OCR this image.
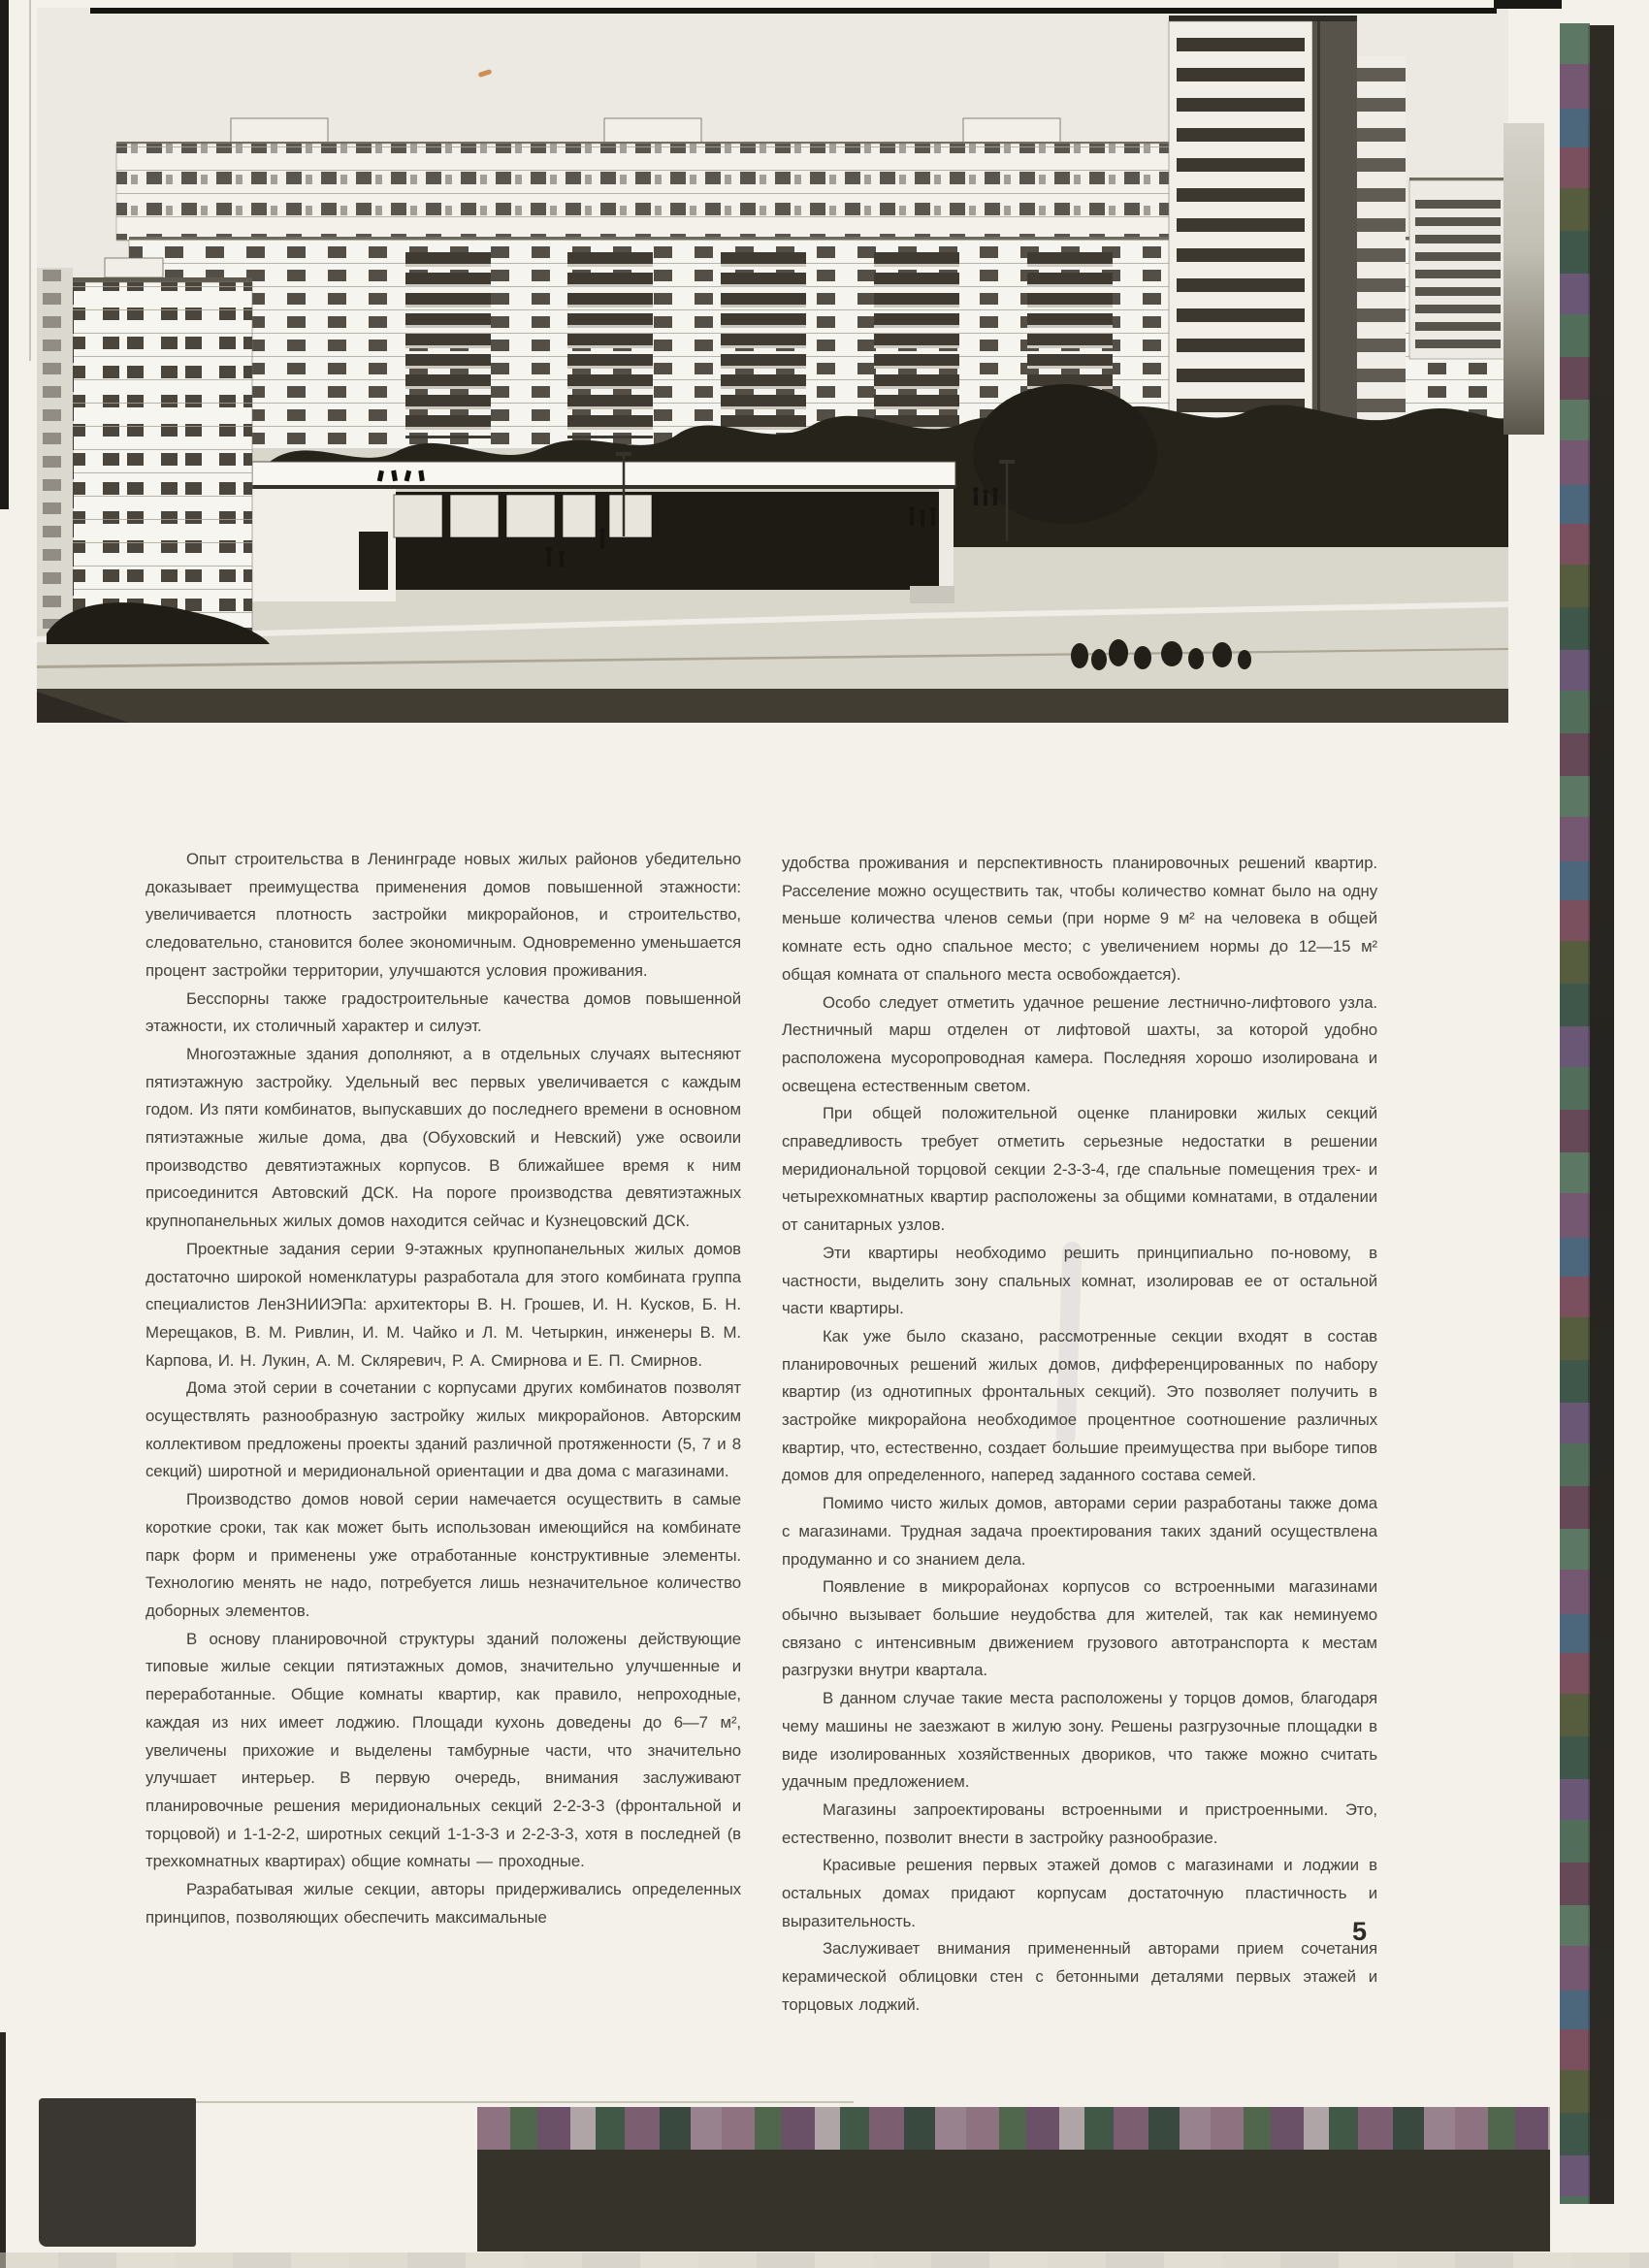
Опыт строительства в Ленинграде новых жилых районов убедительно доказывает преимущества применения домов повышенной этажности: увеличивается плотность застройки микрорайонов, и строительство, следовательно, становится более экономичным. Одновременно уменьшается процент застройки территории, улучшаются условия проживания.

Бесспорны также градостроительные качества домов повышенной этажности, их столичный характер и силуэт.

Многоэтажные здания дополняют, а в отдельных случаях вытесняют пятиэтажную застройку. Удельный вес первых увеличивается с каждым годом. Из пяти комбинатов, выпускавших до последнего времени в основном пятиэтажные жилые дома, два (Обуховский и Невский) уже освоили производство девятиэтажных корпусов. В ближайшее время к ним присоединится Автовский ДСК. На пороге производства девятиэтажных крупнопанельных жилых домов находится сейчас и Кузнецовский ДСК.

Проектные задания серии 9-этажных крупнопанельных жилых домов достаточно широкой номенклатуры разработала для этого комбината группа специалистов ЛенЗНИИЭПа: архитекторы В. Н. Грошев, И. Н. Кусков, Б. Н. Мерещаков, В. М. Ривлин, И. М. Чайко и Л. М. Четыркин, инженеры В. М. Карпова, И. Н. Лукин, А. М. Скляревич, Р. А. Смирнова и Е. П. Смирнов.

Дома этой серии в сочетании с корпусами других комбинатов позволят осуществлять разнообразную застройку жилых микрорайонов. Авторским коллективом предложены проекты зданий различной протяженности (5, 7 и 8 секций) широтной и меридиональной ориентации и два дома с магазинами.

Производство домов новой серии намечается осуществить в самые короткие сроки, так как может быть использован имеющийся на комбинате парк форм и применены уже отработанные конструктивные элементы. Технологию менять не надо, потребуется лишь незначительное количество доборных элементов.

В основу планировочной структуры зданий положены действующие типовые жилые секции пятиэтажных домов, значительно улучшенные и переработанные. Общие комнаты квартир, как правило, непроходные, каждая из них имеет лоджию. Площади кухонь доведены до 6—7 м², увеличены прихожие и выделены тамбурные части, что значительно улучшает интерьер. В первую очередь, внимания заслуживают планировочные решения меридиональных секций 2-2-3-3 (фронтальной и торцовой) и 1-1-2-2, широтных секций 1-1-3-3 и 2-2-3-3, хотя в последней (в трехкомнатных квартирах) общие комнаты — проходные.

Разрабатывая жилые секции, авторы придерживались определенных принципов, позволяющих обеспечить максимальные

удобства проживания и перспективность планировочных решений квартир. Расселение можно осуществить так, чтобы количество комнат было на одну меньше количества членов семьи (при норме 9 м² на человека в общей комнате есть одно спальное место; с увеличением нормы до 12—15 м² общая комната от спального места освобождается).

Особо следует отметить удачное решение лестнично-лифтового узла. Лестничный марш отделен от лифтовой шахты, за которой удобно расположена мусоропроводная камера. Последняя хорошо изолирована и освещена естественным светом.

При общей положительной оценке планировки жилых секций справедливость требует отметить серьезные недостатки в решении меридиональной торцовой секции 2-3-3-4, где спальные помещения трех- и четырехкомнатных квартир расположены за общими комнатами, в отдалении от санитарных узлов.

Эти квартиры необходимо решить принципиально по-новому, в частности, выделить зону спальных комнат, изолировав ее от остальной части квартиры.

Как уже было сказано, рассмотренные секции входят в состав планировочных решений жилых домов, дифференцированных по набору квартир (из однотипных фронтальных секций). Это позволяет получить в застройке микрорайона необходимое процентное соотношение различных квартир, что, естественно, создает большие преимущества при выборе типов домов для определенного, наперед заданного состава семей.

Помимо чисто жилых домов, авторами серии разработаны также дома с магазинами. Трудная задача проектирования таких зданий осуществлена продуманно и со знанием дела.

Появление в микрорайонах корпусов со встроенными магазинами обычно вызывает большие неудобства для жителей, так как неминуемо связано с интенсивным движением грузового автотранспорта к местам разгрузки внутри квартала.

В данном случае такие места расположены у торцов домов, благодаря чему машины не заезжают в жилую зону. Решены разгрузочные площадки в виде изолированных хозяйственных двориков, что также можно считать удачным предложением.

Магазины запроектированы встроенными и пристроенными. Это, естественно, позволит внести в застройку разнообразие.

Красивые решения первых этажей домов с магазинами и лоджии в остальных домах придают корпусам достаточную пластичность и выразительность.

Заслуживает внимания примененный авторами прием сочетания керамической облицовки стен с бетонными деталями первых этажей и торцовых лоджий.

5
